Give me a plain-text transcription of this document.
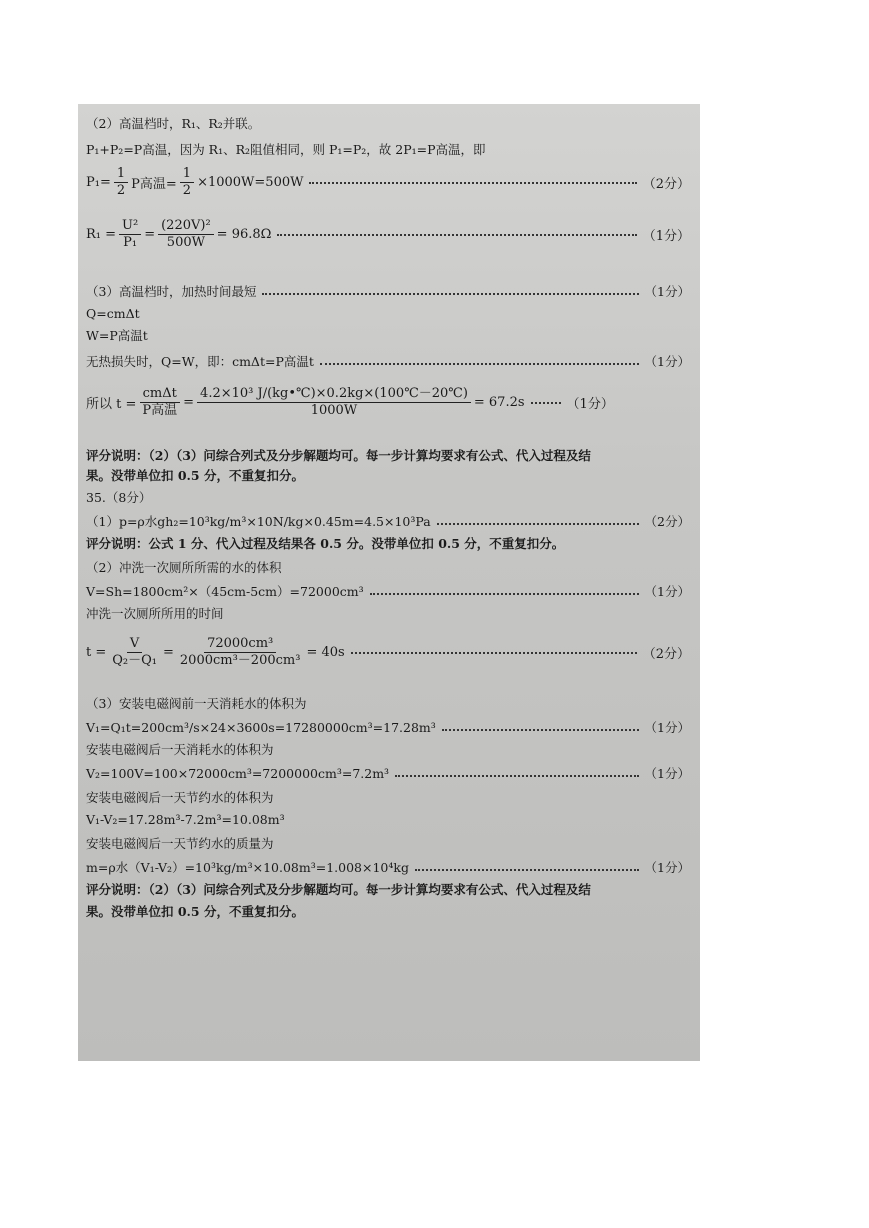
（2）高温档时，R₁、R₂并联。
P₁+P₂=P高温，因为 R₁、R₂阻值相同，则 P₁=P₂，故 2P₁=P高温，即
$P_1= \frac{1}{2}$ P高温= $\frac{1}{2} \times 1000W=500W$	（2分）
$R_1 = \frac{\text{U²}}{\text{P₁}} = \frac{\text{(220V)²}}{500W} = 96.8\Omega$	（1分）
（3）高温档时，加热时间最短	（1分）
Q=cmΔt
W=P高温t
无热损失时，Q=W，即：cmΔt=P高温t	（1分）
所以 $t = \frac{\text{cmΔt}}{\text{P高温}} = \frac{\text{4.2×10³ J/(kg•℃)×0.2kg×(100℃－20℃)}}{1000W} = 67.2s$	（1分）
评分说明：（2）（3）问综合列式及分步解题均可。每一步计算均要求有公式、代入过程及结
果。没带单位扣 0.5 分，不重复扣分。
35.（8分）
（1）p=ρ水gh₂=10³kg/m³×10N/kg×0.45m=4.5×10³Pa	（2分）
评分说明：公式 1 分、代入过程及结果各 0.5 分。没带单位扣 0.5 分，不重复扣分。
（2）冲洗一次厕所所需的水的体积
V=Sh=1800cm²×（45cm-5cm）=72000cm³	（1分）
冲洗一次厕所所用的时间
$t = \frac{V}{\text{Q₂－Q₁}} = \frac{\text{72000cm³}}{\text{2000cm³－200cm³}} = 40s$	（2分）
（3）安装电磁阀前一天消耗水的体积为
V₁=Q₁t=200cm³/s×24×3600s=17280000cm³=17.28m³	（1分）
安装电磁阀后一天消耗水的体积为
V₂=100V=100×72000cm³=7200000cm³=7.2m³	（1分）
安装电磁阀后一天节约水的体积为
V₁-V₂=17.28m³-7.2m³=10.08m³
安装电磁阀后一天节约水的质量为
m=ρ水（V₁-V₂）=10³kg/m³×10.08m³=1.008×10⁴kg	（1分）
评分说明：（2）（3）问综合列式及分步解题均可。每一步计算均要求有公式、代入过程及结
果。没带单位扣 0.5 分，不重复扣分。
